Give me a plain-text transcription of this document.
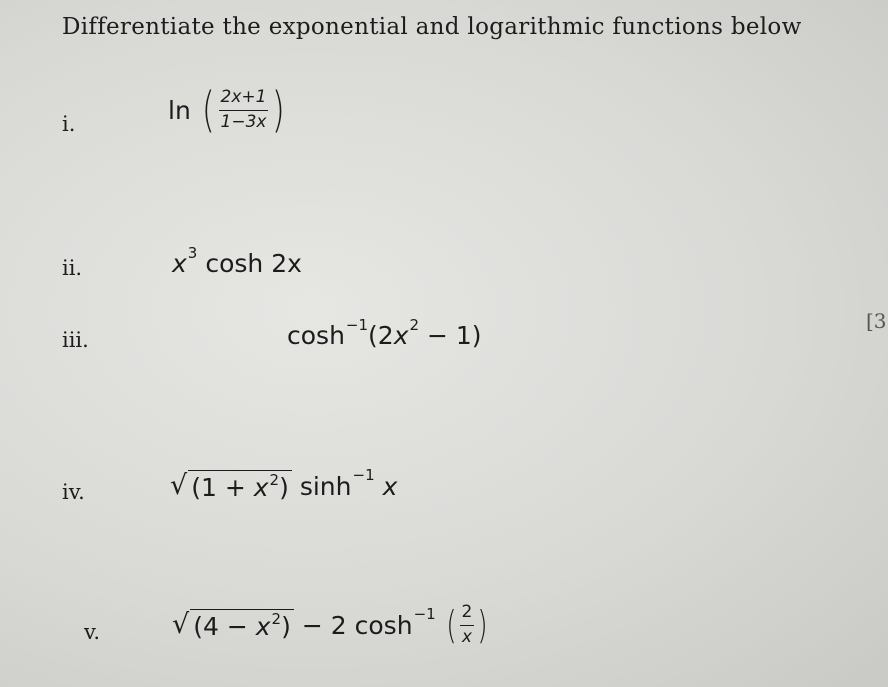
Differentiate the exponential and logarithmic functions below
i.	ln ( $\frac{2x+1}{1-3x}$ )
ii.	x 3 cosh 2x
iii.	cosh −1 (2 x 2 − 1)
iv.	√ $(1 + x^2)$ sinh −1 x
v.	√ $(4 - x^2) - 2$ cosh −1 ( $\frac{2}{x}$ )
[3
